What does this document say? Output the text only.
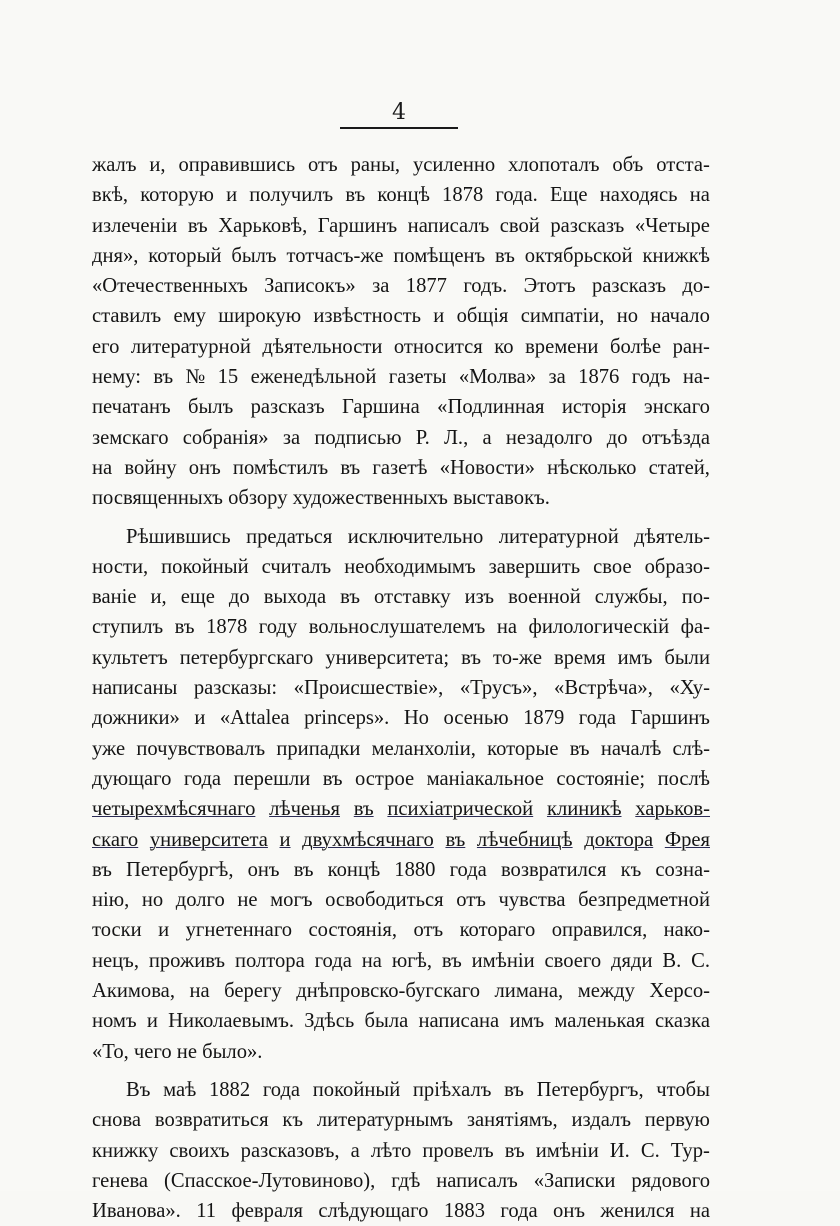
4
жалъ и, оправившись отъ раны, усиленно хлопоталъ объ отста-
вкѣ, которую и получилъ въ концѣ 1878 года. Еще находясь на
излеченіи въ Харьковѣ, Гаршинъ написалъ свой разсказъ «Четыре
дня», который былъ тотчасъ-же помѣщенъ въ октябрьской книжкѣ
«Отечественныхъ Записокъ» за 1877 годъ. Этотъ разсказъ до-
ставилъ ему широкую извѣстность и общія симпатіи, но начало
его литературной дѣятельности относится ко времени болѣе ран-
нему: въ № 15 еженедѣльной газеты «Молва» за 1876 годъ на-
печатанъ былъ разсказъ Гаршина «Подлинная исторія энскаго
земскаго собранія» за подписью Р. Л., а незадолго до отъѣзда
на войну онъ помѣстилъ въ газетѣ «Новости» нѣсколько статей,
посвященныхъ обзору художественныхъ выставокъ.
Рѣшившись предаться исключительно литературной дѣятель-
ности, покойный считалъ необходимымъ завершить свое образо-
ваніе и, еще до выхода въ отставку изъ военной службы, по-
ступилъ въ 1878 году вольнослушателемъ на филологическій фа-
культетъ петербургскаго университета; въ то-же время имъ были
написаны разсказы: «Происшествіе», «Трусъ», «Встрѣча», «Ху-
дожники» и «Attalea princeps». Но осенью 1879 года Гаршинъ
уже почувствовалъ припадки меланхоліи, которые въ началѣ слѣ-
дующаго года перешли въ острое маніакальное состояніе; послѣ
четырехмѣсячнаго лѣченья въ психіатрической клиникѣ харьков-
скаго университета и двухмѣсячнаго въ лѣчебницѣ доктора Фрея
въ Петербургѣ, онъ въ концѣ 1880 года возвратился къ созна-
нію, но долго не могъ освободиться отъ чувства безпредметной
тоски и угнетеннаго состоянія, отъ котораго оправился, нако-
нецъ, проживъ полтора года на югѣ, въ имѣніи своего дяди В. С.
Акимова, на берегу днѣпровско-бугскаго лимана, между Херсо-
номъ и Николаевымъ. Здѣсь была написана имъ маленькая сказка
«То, чего не было».
Въ маѣ 1882 года покойный пріѣхалъ въ Петербургъ, чтобы
снова возвратиться къ литературнымъ занятіямъ, издалъ первую
книжку своихъ разсказовъ, а лѣто провелъ въ имѣніи И. С. Тур-
генева (Спасское-Лутовиново), гдѣ написалъ «Записки рядового
Иванова». 11 февраля слѣдующаго 1883 года онъ женился на
